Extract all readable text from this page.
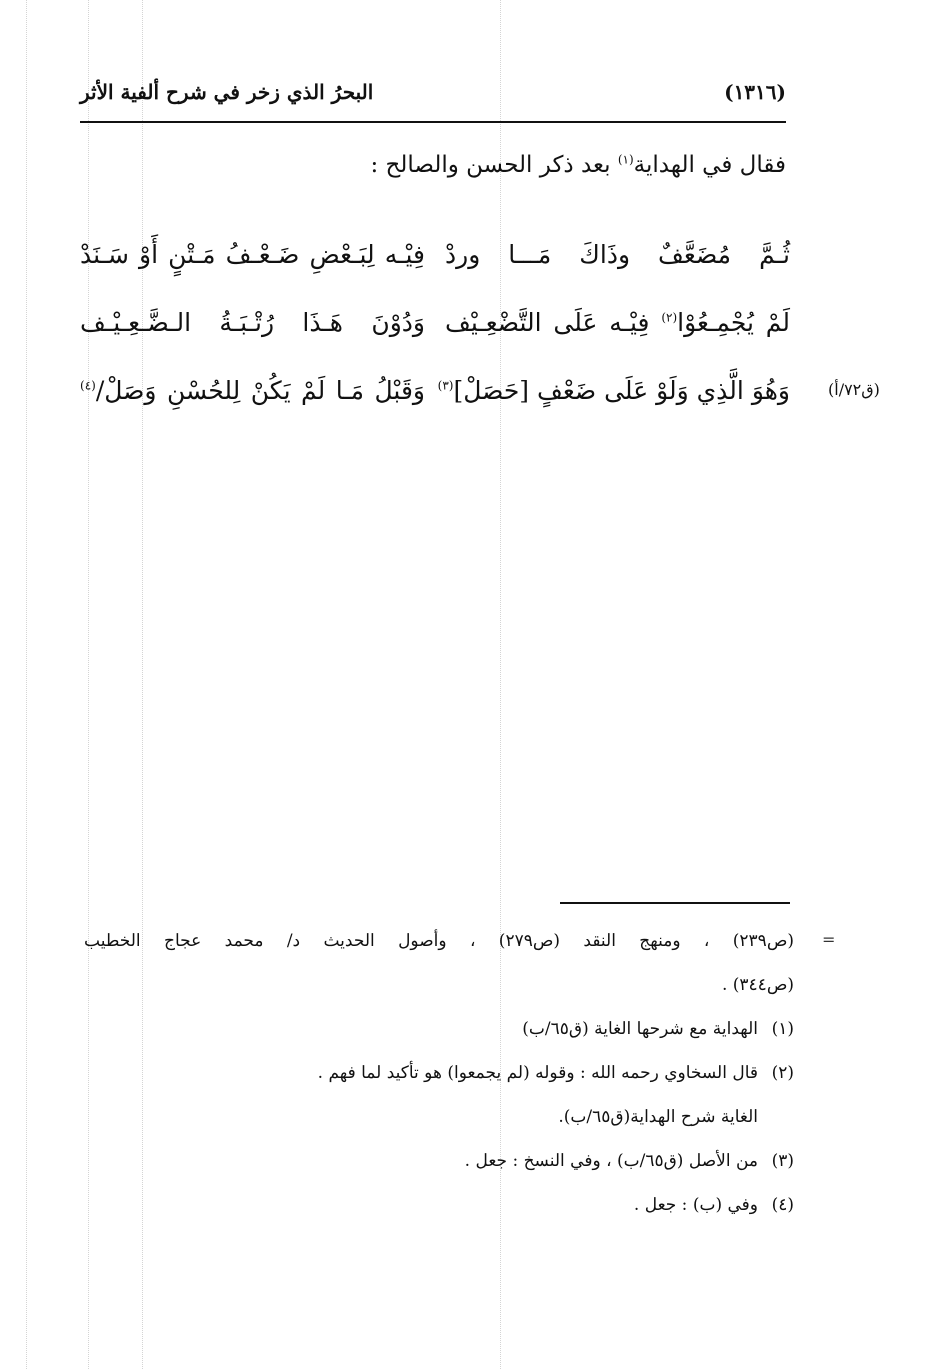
(١٣١٦)
البحرُ الذي زخر في شرح ألفية الأثر
فقال في الهداية$^{(١)}$ بعد ذكر الحسن والصالح :
ثُـمَّ مُضَعَّفٌ وذَاكَ مَـــا وردْ
فِيْـه لِبَـعْضِ ضَـعْـفُ مَـتْنٍ أَوْ سَـنَدْ
لَمْ يُجْمِـعُوْا$^{(٢)}$ فِيْـه عَلَى التَّضْعِـيْف
وَدُوْنَ هَـذَا رُتْـبَـةُ الـضَّـعِـيْـف
وَهُوَ الَّذِي وَلَوْ عَلَى ضَعْفٍ [حَصَلْ]$^{(٣)}$
وَقَبْلُ مَـا لَمْ يَكُنْ لِلحُسْنِ وَصَلْ/$^{(٤)}$	(ق٧٢/أ)
=
(ص٢٣٩) ، ومنهج النقد (ص٢٧٩) ، وأصول الحديث د/ محمد عجاج الخطيب
(ص٣٤٤) .
(١)الهداية مع شرحها الغاية (ق٦٥/ب)
(٢)قال السخاوي رحمه الله : وقوله (لم يجمعوا) هو تأكيد لما فهم .
الغاية شرح الهداية(ق٦٥/ب).
(٣)من الأصل (ق٦٥/ب) ، وفي النسخ : جعل .
(٤)وفي (ب) : جعل .
